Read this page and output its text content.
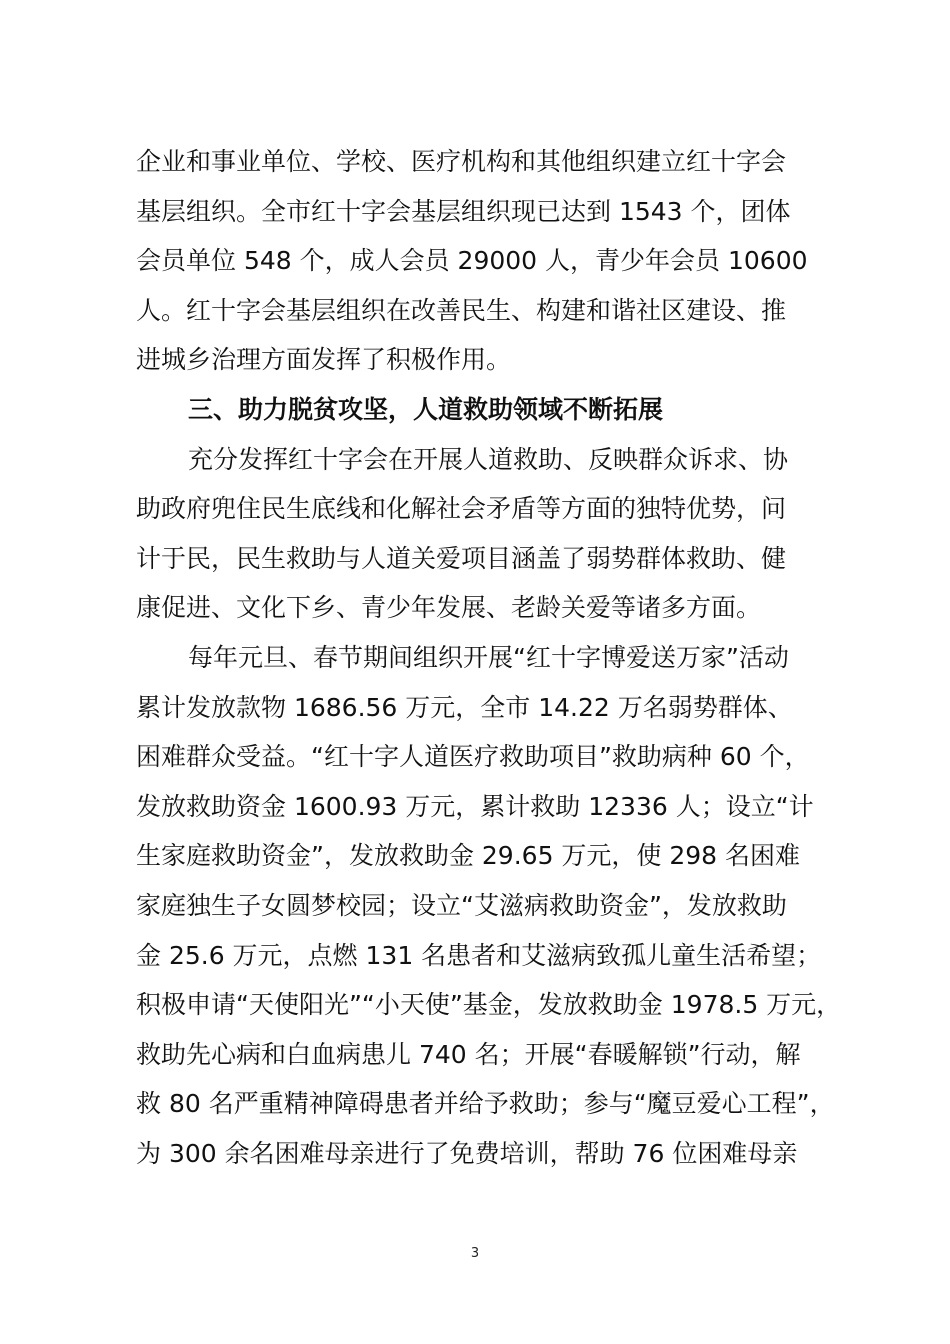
企业和事业单位、学校、医疗机构和其他组织建立红十字会
基层组织。全市红十字会基层组织现已达到 1543 个，团体
会员单位 548 个，成人会员 29000 人，青少年会员 10600
人。红十字会基层组织在改善民生、构建和谐社区建设、推
进城乡治理方面发挥了积极作用。
三、助力脱贫攻坚，人道救助领域不断拓展
充分发挥红十字会在开展人道救助、反映群众诉求、协
助政府兜住民生底线和化解社会矛盾等方面的独特优势，问
计于民，民生救助与人道关爱项目涵盖了弱势群体救助、健
康促进、文化下乡、青少年发展、老龄关爱等诸多方面。
每年元旦、春节期间组织开展“红十字博爱送万家”活动
累计发放款物 1686.56 万元，全市 14.22 万名弱势群体、
困难群众受益。“红十字人道医疗救助项目”救助病种 60 个，
发放救助资金 1600.93 万元，累计救助 12336 人；设立“计
生家庭救助资金”，发放救助金 29.65 万元，使 298 名困难
家庭独生子女圆梦校园；设立“艾滋病救助资金”，发放救助
金 25.6 万元，点燃 131 名患者和艾滋病致孤儿童生活希望；
积极申请“天使阳光”“小天使”基金，发放救助金 1978.5 万元，
救助先心病和白血病患儿 740 名；开展“春暖解锁”行动，解
救 80 名严重精神障碍患者并给予救助；参与“魔豆爱心工程”，
为 300 余名困难母亲进行了免费培训，帮助 76 位困难母亲
3
